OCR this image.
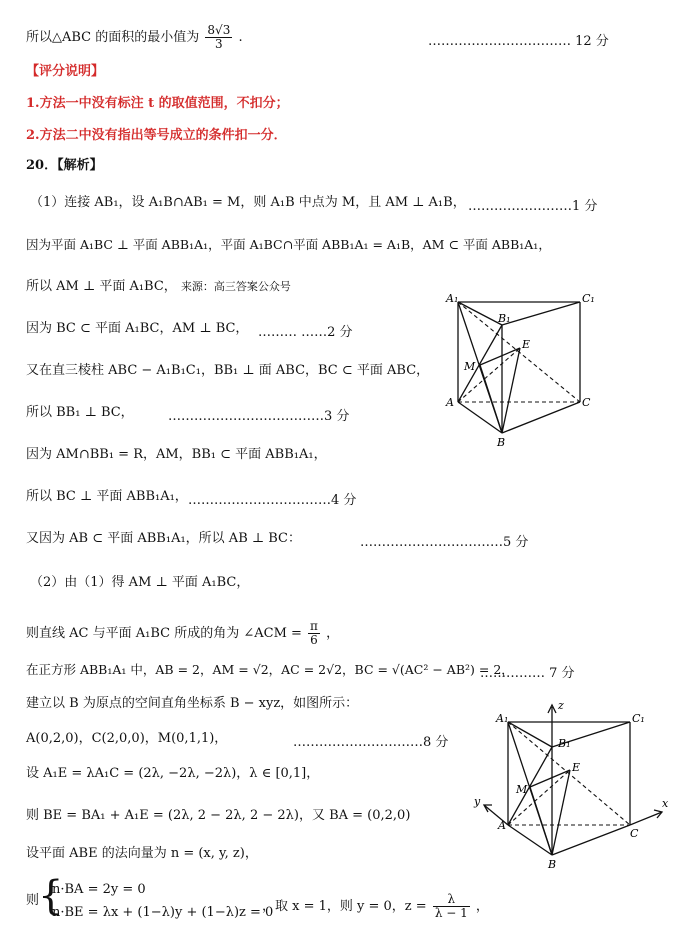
所以△ABC 的面积的最小值为 $\frac{8√3}{3}$ .	…………………………… 12 分
【评分说明】
1.方法一中没有标注 t 的取值范围，不扣分；
2.方法二中没有指出等号成立的条件扣一分．
20．【解析】
（1）连接 AB₁，设 A₁B∩AB₁ = M，则 A₁B 中点为 M，且 AM ⊥ A₁B， ……………………1 分
因为平面 A₁BC ⊥ 平面 ABB₁A₁，平面 A₁BC∩平面 ABB₁A₁ = A₁B，AM ⊂ 平面 ABB₁A₁，
所以 AM ⊥ 平面 A₁BC， 来源：高三答案公众号
因为 BC ⊂ 平面 A₁BC，AM ⊥ BC， ……… ……2 分
又在直三棱柱 ABC − A₁B₁C₁，BB₁ ⊥ 面 ABC，BC ⊂ 平面 ABC，
所以 BB₁ ⊥ BC，	………………………………3 分
因为 AM∩BB₁ = R，AM，BB₁ ⊂ 平面 ABB₁A₁，
所以 BC ⊥ 平面 ABB₁A₁， ……………………………4 分
又因为 AB ⊂ 平面 ABB₁A₁，所以 AB ⊥ BC：	……………………………5 分
（2）由（1）得 AM ⊥ 平面 A₁BC，
则直线 AC 与平面 A₁BC 所成的角为 ∠ACM = $\frac{\pi}{6}$ ，
在正方形 ABB₁A₁ 中，AB = 2，AM = √2，AC = 2√2，BC = √(AC² − AB²) = 2，
…………… 7 分
建立以 B 为原点的空间直角坐标系 B − xyz，如图所示：
A(0,2,0)，C(2,0,0)，M(0,1,1)，	…………………………8 分
设 A₁E = λA₁C = (2λ, −2λ, −2λ)，λ ∈ [0,1]，
则 BE = BA₁ + A₁E = (2λ, 2 − 2λ, 2 − 2λ)，又 BA = (0,2,0)
设平面 ABE 的法向量为 n = (x, y, z)，
则
{
n·BA = 2y = 0
n·BE = λx + (1−λ)y + (1−λ)z = 0
，取 x = 1，则 y = 0，$z = \frac{\lambda}{\lambda - 1}$ ，
A₁	C₁
B₁
E
M
A	C
B
z
y	x
A₁	C₁
B₁
E
M
A
C
B
